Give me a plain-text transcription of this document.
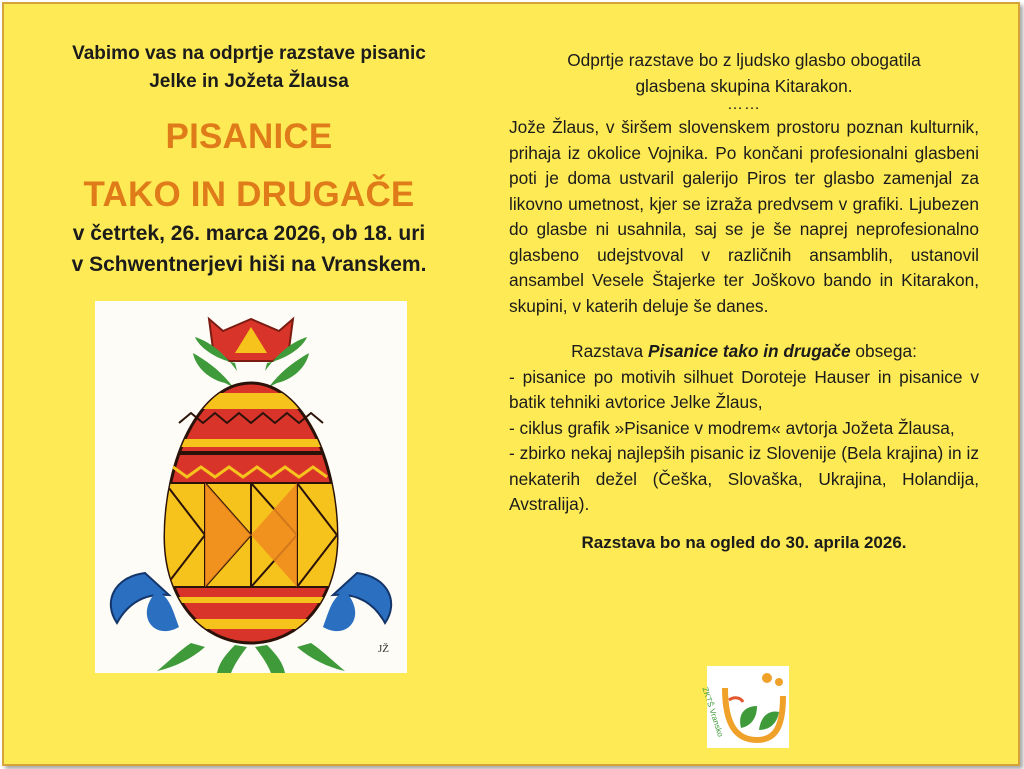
Vabimo vas na odprtje razstave pisanic
Jelke in Jožeta Žlausa
PISANICE
TAKO IN DRUGAČE
v četrtek, 26. marca 2026, ob 18. uri
v Schwentnerjevi hiši na Vranskem.
JŽ
Odprtje razstave bo z ljudsko glasbo obogatila
glasbena skupina Kitarakon.
……
Jože Žlaus, v širšem slovenskem prostoru poznan kulturnik, prihaja iz okolice Vojnika. Po končani profesionalni glasbeni poti je doma ustvaril galerijo Piros ter glasbo zamenjal za likovno umetnost, kjer se izraža predvsem v grafiki. Ljubezen do glasbe ni usahnila, saj se je še naprej neprofesionalno glasbeno udejstvoval v različnih ansamblih, ustanovil ansambel Vesele Štajerke ter Joškovo bando in Kitarakon, skupini, v katerih deluje še danes.
Razstava Pisanice tako in drugače obsega:
- pisanice po motivih silhuet Doroteje Hauser in pisanice v batik tehniki avtorice Jelke Žlaus,
- ciklus grafik »Pisanice v modrem« avtorja Jožeta Žlausa,
- zbirko nekaj najlepših pisanic iz Slovenije (Bela krajina) in iz nekaterih dežel (Češka, Slovaška, Ukrajina, Holandija, Avstralija).
Razstava bo na ogled do 30. aprila 2026.
ZKTŠ Vransko
